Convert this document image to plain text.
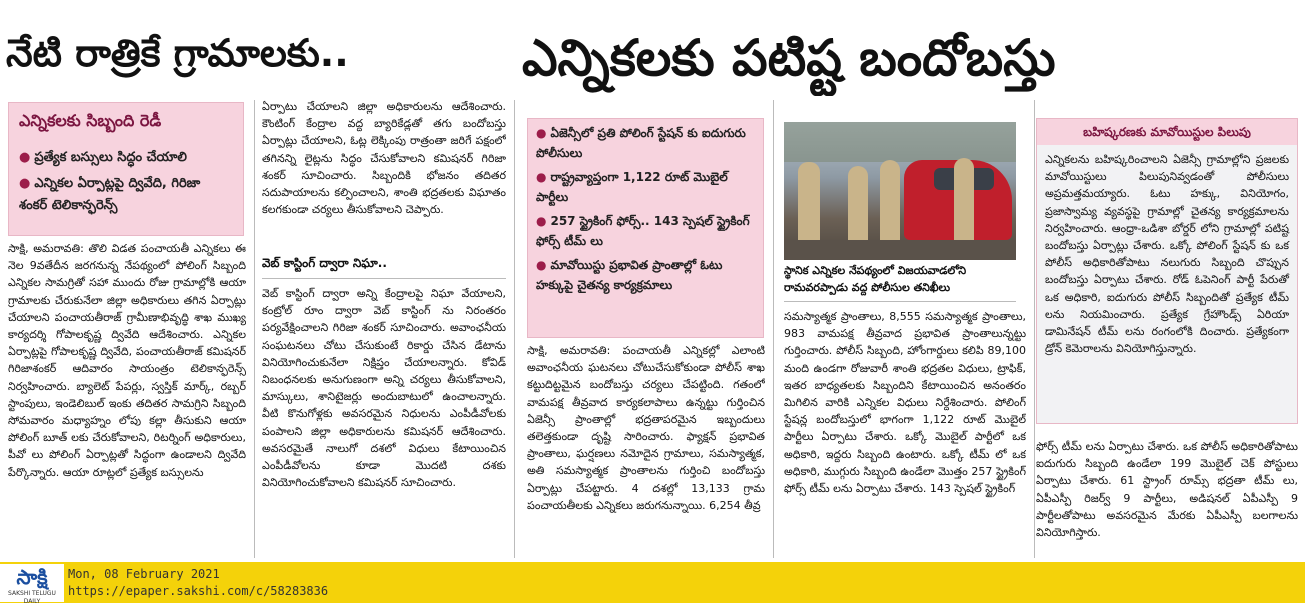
నేటి రాత్రికే గ్రామాలకు..	ఎన్నికలకు పటిష్ట బందోబస్తు
ఎన్నికలకు సిబ్బంది రెడీ
● ప్రత్యేక బస్సులు సిద్ధం చేయాలి
● ఎన్నికల ఏర్పాట్లపై ద్వివేది, గిరిజా శంకర్ టెలికాన్ఫరెన్స్

సాక్షి, అమరావతి: తొలి విడత పంచాయతీ ఎన్నికలు ఈ నెల 9వతేదీన జరగనున్న నేపథ్యంలో పోలింగ్ సిబ్బంది ఎన్నికల సామగ్రితో సహా ముందు రోజు గ్రామాల్లోకి ఆయా గ్రామాలకు చేరుకునేలా జిల్లా అధికారులు తగిన ఏర్పాట్లు చేయాలని పంచాయతీరాజ్ గ్రామీణాభివృద్ధి శాఖ ముఖ్య కార్యదర్శి గోపాలకృష్ణ ద్వివేది ఆదేశించారు. ఎన్నికల ఏర్పాట్లపై గోపాలకృష్ణ ద్వివేది, పంచాయతీరాజ్ కమిషనర్ గిరిజాశంకర్ ఆదివారం సాయంత్రం టెలికాన్ఫరెన్స్ నిర్వహించారు. బ్యాలెట్ పేపర్లు, స్వస్తిక్ మార్క్, రబ్బర్ స్టాంపులు, ఇండెలిబుల్ ఇంకు తదితర సామగ్రిని సిబ్బంది సోమవారం మధ్యాహ్నం లోపు కల్లా తీసుకుని ఆయా పోలింగ్ బూత్ లకు చేరుకోవాలని, రిటర్నింగ్ అధికారులు, పీవో లు పోలింగ్ ఏర్పాట్లతో సిద్ధంగా ఉండాలని ద్వివేది పేర్కొన్నారు. ఆయా రూట్లలో ప్రత్యేక బస్సులను

ఏర్పాటు చేయాలని జిల్లా అధికారులను ఆదేశించారు. కౌంటింగ్ కేంద్రాల వద్ద బ్యారికేడ్లతో తగు బందోబస్తు ఏర్పాట్లు చేయాలని, ఓట్ల లెక్కింపు రాత్రంతా జరిగే పక్షంలో తగినన్ని లైట్లను సిద్ధం చేసుకోవాలని కమిషనర్ గిరిజా శంకర్ సూచించారు. సిబ్బందికి భోజనం తదితర సదుపాయాలను కల్పించాలని, శాంతి భద్రతలకు విఘాతం కలగకుండా చర్యలు తీసుకోవాలని చెప్పారు.

వెబ్ కాస్టింగ్ ద్వారా నిఘా..

వెబ్ కాస్టింగ్ ద్వారా అన్ని కేంద్రాలపై నిఘా వేయాలని, కంట్రోల్ రూం ద్వారా వెబ్ కాస్టింగ్ ను నిరంతరం పర్యవేక్షించాలని గిరిజా శంకర్ సూచించారు. అవాంఛనీయ సంఘటనలు చోటు చేసుకుంటే రికార్డు చేసిన డేటాను వినియోగించుకునేలా నిక్షిప్తం చేయాలన్నారు. కోవిడ్ నిబంధనలకు అనుగుణంగా అన్ని చర్యలు తీసుకోవాలని, మాస్కులు, శానిటైజర్లు అందుబాటులో ఉంచాలన్నారు. వీటి కొనుగోళ్లకు అవసరమైన నిధులను ఎంపీడీవోలకు పంపాలని జిల్లా అధికారులను కమిషనర్ ఆదేశించారు. అవసరమైతే నాలుగో దశలో విధులు కేటాయించిన ఎంపీడీవోలను కూడా మొదటి దశకు వినియోగించుకోవాలని కమిషనర్ సూచించారు.

● ఏజెన్సీలో ప్రతి పోలింగ్ స్టేషన్ కు ఐదుగురు పోలీసులు
● రాష్ట్రవ్యాప్తంగా 1,122 రూట్ మొబైల్ పార్టీలు
● 257 స్ట్రైకింగ్ ఫోర్స్.. 143 స్పెషల్ స్ట్రైకింగ్ ఫోర్స్ టీమ్ లు
● మావోయిస్టు ప్రభావిత ప్రాంతాల్లో ఓటు హక్కుపై చైతన్య కార్యక్రమాలు

సాక్షి, అమరావతి: పంచాయతీ ఎన్నికల్లో ఎలాంటి అవాంఛనీయ ఘటనలు చోటుచేసుకోకుండా పోలీస్ శాఖ కట్టుదిట్టమైన బందోబస్తు చర్యలు చేపట్టింది. గతంలో వామపక్ష తీవ్రవాద కార్యకలాపాలు ఉన్నట్టు గుర్తించిన ఏజెన్సీ ప్రాంతాల్లో భద్రతాపరమైన ఇబ్బందులు తలెత్తకుండా దృష్టి సారించారు. ఫ్యాక్షన్ ప్రభావిత ప్రాంతాలు, ఘర్షణలు నమోదైన గ్రామాలు, సమస్యాత్మక, అతి సమస్యాత్మక ప్రాంతాలను గుర్తించి బందోబస్తు ఏర్పాట్లు చేపట్టారు. 4 దశల్లో 13,133 గ్రామ పంచాయతీలకు ఎన్నికలు జరుగనున్నాయి. 6,254 తీవ్ర

స్థానిక ఎన్నికల నేపథ్యంలో విజయవాడలోని రామవరప్పాడు వద్ద పోలీసుల తనిఖీలు

సమస్యాత్మక ప్రాంతాలు, 8,555 సమస్యాత్మక ప్రాంతాలు, 983 వామపక్ష తీవ్రవాద ప్రభావిత ప్రాంతాలున్నట్టు గుర్తించారు. పోలీస్ సిబ్బంది, హోంగార్డులు కలిపి 89,100 మంది ఉండగా రోజువారీ శాంతి భద్రతల విధులు, ట్రాఫిక్, ఇతర బాధ్యతలకు సిబ్బందిని కేటాయించిన అనంతరం మిగిలిన వారికి ఎన్నికల విధులు నిర్దేశించారు. పోలింగ్ స్టేషన్ల బందోబస్తులో భాగంగా 1,122 రూట్ మొబైల్ పార్టీలు ఏర్పాటు చేశారు. ఒక్కో మొబైల్ పార్టీలో ఒక అధికారి, ఇద్దరు సిబ్బంది ఉంటారు. ఒక్కో టీమ్ లో ఒక అధికారి, ముగ్గురు సిబ్బంది ఉండేలా మొత్తం 257 స్ట్రైకింగ్ ఫోర్స్ టీమ్ లను ఏర్పాటు చేశారు. 143 స్పెషల్ స్ట్రైకింగ్

బహిష్కరణకు మావోయిస్టుల పిలుపు

ఎన్నికలను బహిష్కరించాలని ఏజెన్సీ గ్రామాల్లోని ప్రజలకు మావోయిస్టులు పిలుపునివ్వడంతో పోలీసులు అప్రమత్తమయ్యారు. ఓటు హక్కు, వినియోగం, ప్రజాస్వామ్య వ్యవస్థపై గ్రామాల్లో చైతన్య కార్యక్రమాలను నిర్వహించారు. ఆంధ్రా-ఒడిశా బోర్డర్ లోని గ్రామాల్లో పటిష్ట బందోబస్తు ఏర్పాట్లు చేశారు. ఒక్కో పోలింగ్ స్టేషన్ కు ఒక పోలీస్ అధికారితోపాటు నలుగురు సిబ్బంది చొప్పున బందోబస్తు ఏర్పాటు చేశారు. రోడ్ ఓపెనింగ్ పార్టీ పేరుతో ఒక అధికారి, ఐదుగురు పోలీస్ సిబ్బందితో ప్రత్యేక టీమ్ లను నియమించారు. ప్రత్యేక గ్రేహౌండ్స్ ఏరియా డామినేషన్ టీమ్ లను రంగంలోకి దించారు. ప్రత్యేకంగా డ్రోన్ కెమెరాలను వినియోగిస్తున్నారు.

ఫోర్స్ టీమ్ లను ఏర్పాటు చేశారు. ఒక పోలీస్ అధికారితోపాటు ఐదుగురు సిబ్బంది ఉండేలా 199 మొబైల్ చెక్ పోస్టులు ఏర్పాటు చేశారు. 61 స్ట్రాంగ్ రూమ్స్ భద్రతా టీమ్ లు, ఏపీఎస్పీ రిజర్వ్ 9 పార్టీలు, అడిషనల్ ఏపీఎస్పీ 9 పార్టీలతోపాటు అవసరమైన మేరకు ఏపీఎస్పీ బలగాలను వినియోగిస్తారు.

సాక్షి
SAKSHI TELUGU DAILY
Mon, 08 February 2021
https://epaper.sakshi.com/c/58283836
